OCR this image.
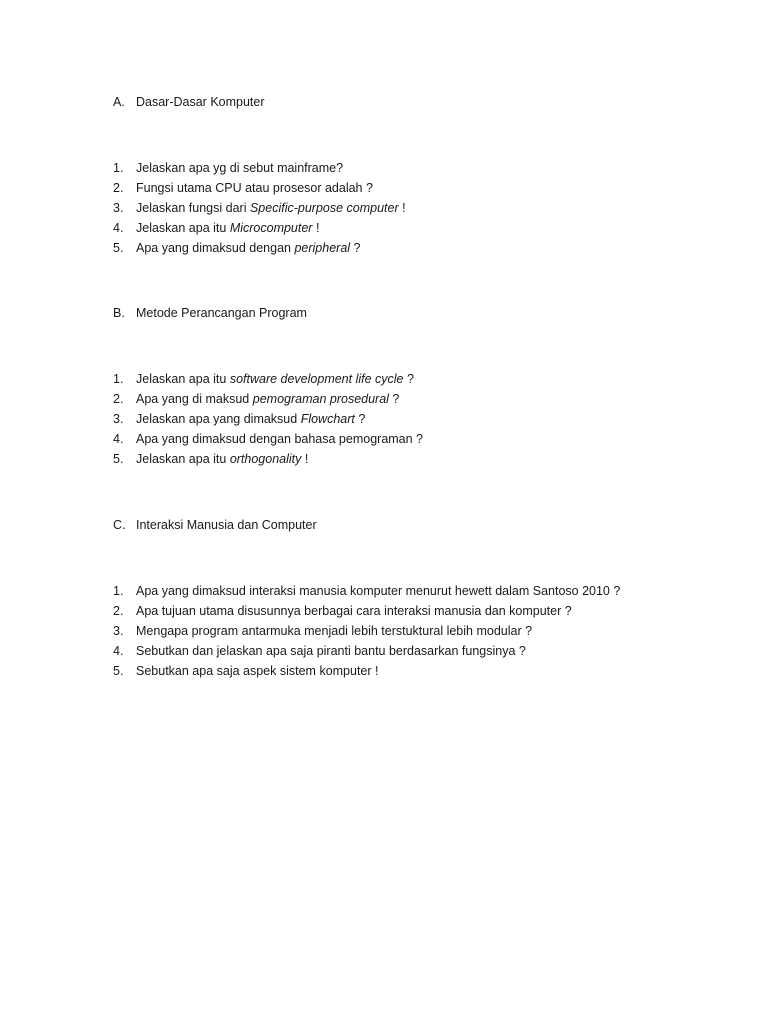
A. Dasar-Dasar Komputer
1. Jelaskan apa yg di sebut mainframe?
2. Fungsi utama CPU atau prosesor adalah ?
3. Jelaskan fungsi dari Specific-purpose computer !
4. Jelaskan apa itu Microcomputer !
5. Apa yang dimaksud dengan peripheral ?
B. Metode Perancangan Program
1. Jelaskan apa itu software development life cycle ?
2. Apa yang di maksud pemograman prosedural ?
3. Jelaskan apa yang dimaksud Flowchart ?
4. Apa yang dimaksud dengan bahasa pemograman ?
5. Jelaskan apa itu orthogonality !
C. Interaksi Manusia dan Computer
1. Apa yang dimaksud interaksi manusia komputer menurut hewett dalam Santoso 2010 ?
2. Apa tujuan utama disusunnya berbagai cara interaksi manusia dan komputer ?
3. Mengapa program antarmuka menjadi lebih terstuktural lebih modular ?
4. Sebutkan dan jelaskan apa saja piranti bantu berdasarkan fungsinya ?
5. Sebutkan apa saja aspek sistem komputer !
